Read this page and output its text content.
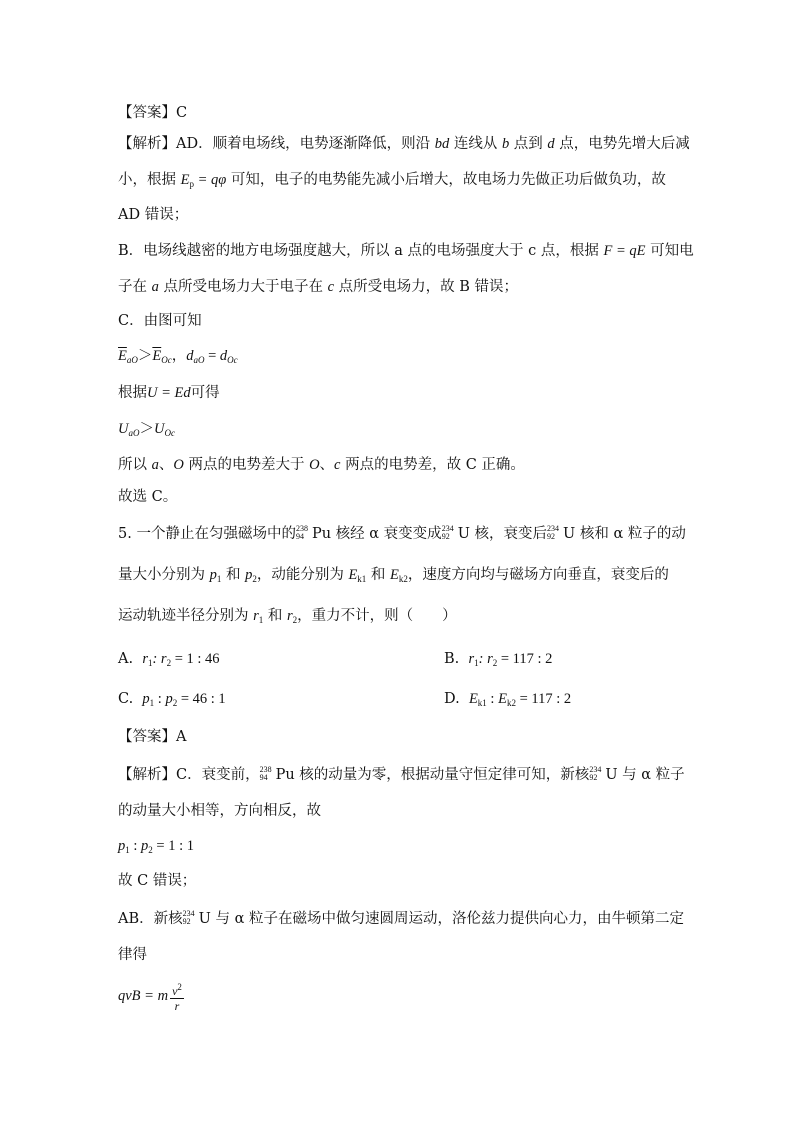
【答案】C
【解析】AD．顺着电场线，电势逐渐降低，则沿 bd 连线从 b 点到 d 点，电势先增大后减
小，根据 $E_p = q\varphi$ 可知，电子的电势能先减小后增大，故电场力先做正功后做负功，故
AD 错误；
B．电场线越密的地方电场强度越大，所以 a 点的电场强度大于 c 点，根据 F = qE 可知电
子在 a 点所受电场力大于电子在 c 点所受电场力，故 B 错误；
C．由图可知
$\overline{E}_{aO}>\overline{E}_{Oc}$，$d_{aO} = d_{Oc}$
根据U = Ed可得
$U_{aO}>U_{Oc}$
所以 a、O 两点的电势差大于 O、c 两点的电势差，故 C 正确。
故选 C。
5. 一个静止在匀强磁场中的 238
94 Pu 核经 α 衰变变成 234
92 U 核，衰变后 234
92 U 核和 α 粒子的动
量大小分别为 $p_1$ 和 $p_2$，动能分别为 $E_{k1}$ 和 $E_{k2}$，速度方向均与磁场方向垂直，衰变后的
运动轨迹半径分别为 $r_1$ 和 $r_2$，重力不计，则（　　）
A. $r_1$: $r_2 = 1$ : 46	B. $r_1$: $r_2 = 117$ : 2
C. $p_1$ : $p_2 = 46$ : 1	D. $E_{k1}$ : $E_{k2} = 117$ : 2
【答案】A
【解析】C．衰变前， 238
94 Pu 核的动量为零，根据动量守恒定律可知，新核 234
92 U 与 α 粒子
的动量大小相等，方向相反，故
$p_1$ : $p_2 = 1$ : 1
故 C 错误；
AB．新核 234
92 U 与 α 粒子在磁场中做匀速圆周运动，洛伦兹力提供向心力，由牛顿第二定
律得
qvB = m $\frac{v^2}{r}$
